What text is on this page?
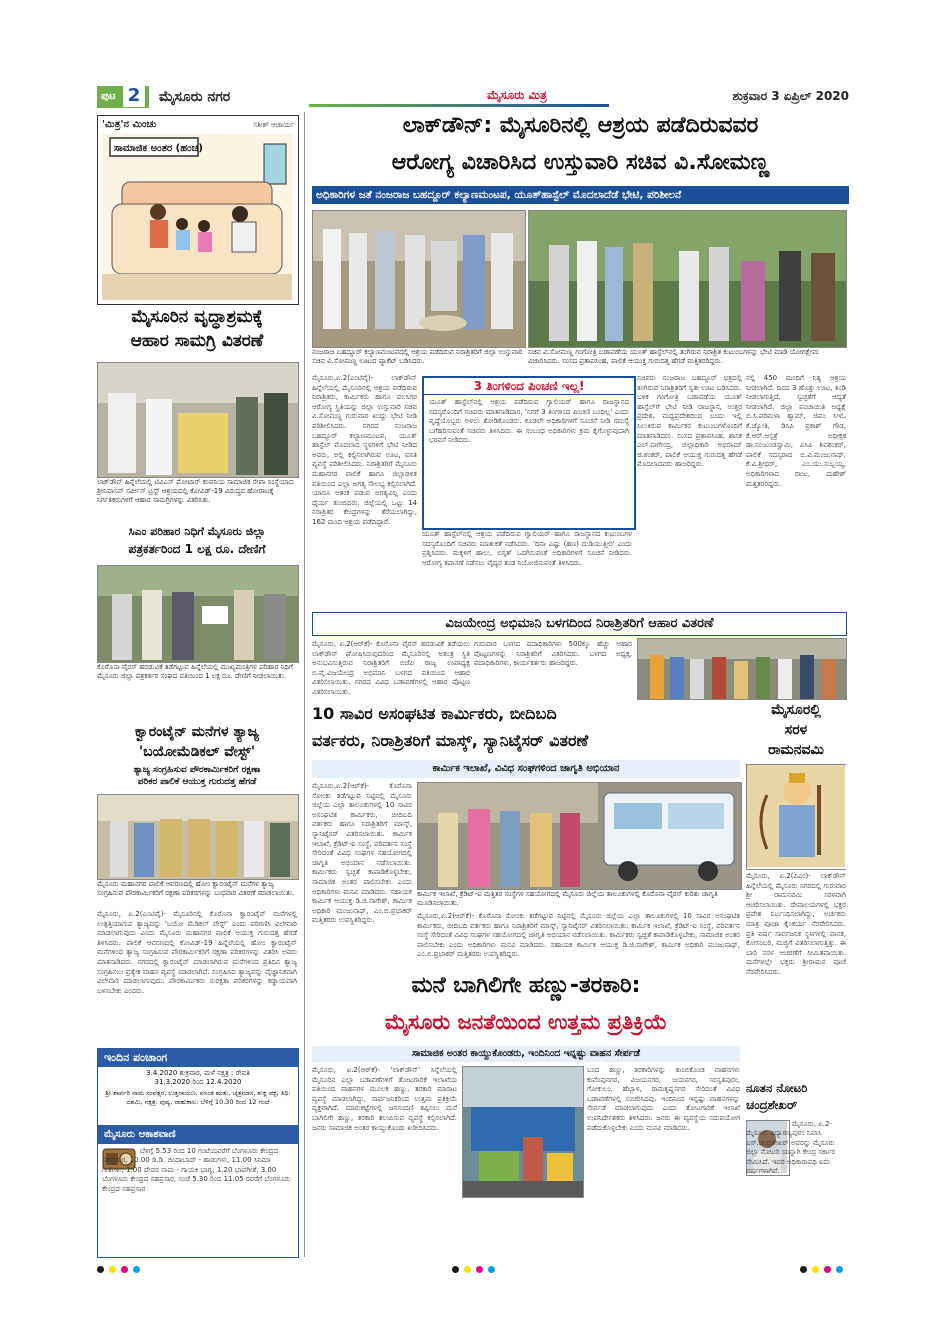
ಪುಟ 2	ಮೈಸೂರು ನಗರ	ಮೈಸೂರು ಮಿತ್ರ	ಶುಕ್ರವಾರ 3 ಏಪ್ರಿಲ್ 2020
'ಮಿತ್ರ'ನ ಮಿಂಚು	ಸತೀಶ್ ಆಚಾರ್ಯ
ಸಾಮಾಜಿಕ ಅಂತರ (ಹಂಚಿ)
ಮೈಸೂರಿನ ವೃದ್ಧಾಶ್ರಮಕ್ಕೆ
ಆಹಾರ ಸಾಮಗ್ರಿ ವಿತರಣೆ
ಲಾಕ್‌ಡೌನ್ ಹಿನ್ನೆಲೆಯಲ್ಲಿ ಟಿವಿಎಸ್ ಮೋಟಾರ್ ಕಂಪನಿಯ ಸಾಮಾಜಿಕ ಸೇವಾ ಸಂಸ್ಥೆಯಾದ ಶ್ರೀನಿವಾಸನ್ ಸರ್ವೀಸ್ ಟ್ರಸ್ಟ್ ಆಶ್ರಯದಲ್ಲಿ ಕೋವಿಡ್-19 ವಿರುದ್ಧದ ಹೋರಾಟಕ್ಕೆ ನಿರ್ಗತಿಕರುಗಳಿಗೆ ಆಹಾರ ಸಾಮಗ್ರಿಗಳನ್ನು ವಿತರಿಸಿತು.
ಸಿಎಂ ಪರಿಹಾರ ನಿಧಿಗೆ ಮೈಸೂರು ಜಿಲ್ಲಾ
ಪತ್ರಕರ್ತರಿಂದ 1 ಲಕ್ಷ ರೂ. ದೇಣಿಗೆ
ಕೊರೊನಾ ವೈರಸ್ ಹರಡುವಿಕೆ ತಡೆಗಟ್ಟುವ ಹಿನ್ನೆಲೆಯಲ್ಲಿ ಮುಖ್ಯಮಂತ್ರಿಗಳ ಪರಿಹಾರ ನಿಧಿಗೆ ಮೈಸೂರು ಜಿಲ್ಲಾ ಪತ್ರಕರ್ತರ ಸಂಘದ ವತಿಯಿಂದ 1 ಲಕ್ಷ ರೂ. ದೇಣಿಗೆ ನೀಡಲಾಯಿತು.
ಕ್ವಾರಂಟೈನ್ ಮನೆಗಳ ತ್ಯಾಜ್ಯ
'ಬಯೋಮೆಡಿಕಲ್ ವೇಸ್ಟ್'
ತ್ಯಾಜ್ಯ ಸಂಗ್ರಹಿಸುವ ಪೌರಕಾರ್ಮಿಕರಿಗೆ ರಕ್ಷಣಾ
ಪರಿಕರ ಪಾಲಿಕೆ ಆಯುಕ್ತ ಗುರುದತ್ತ ಹೆಗಡೆ
ಮೈಸೂರು ಮಹಾನಗರ ಪಾಲಿಕೆ ಆವರಣದಲ್ಲಿ ಹೋಂ ಕ್ವಾರಂಟೈನ್ ಮನೆಗಳ ತ್ಯಾಜ್ಯ ಸಂಗ್ರಹಿಸುವ ಪೌರಕಾರ್ಮಿಕರಿಗೆ ರಕ್ಷಣಾ ಪರಿಕರಗಳನ್ನು ಬುಧವಾರ ವಿತರಣೆ ಮಾಡಲಾಯಿತು.
ಮೈಸೂರು, ಏ.2(ಎಂಟಿವೈ)- ಮೈಸೂರಿನಲ್ಲಿ ಕೊರೊನಾ ಕ್ವಾರಂಟೈನ್ ಮನೆಗಳಲ್ಲಿ ಉತ್ಪತ್ತಿಯಾಗುವ ತ್ಯಾಜ್ಯವನ್ನು 'ಬಯೋ ಮೆಡಿಕಲ್ ವೇಸ್ಟ್' ಎಂದು ಪರಿಗಣಿಸಿ ವಿಲೇವಾರಿ ಮಾಡಲಾಗುವುದು ಎಂದು ಮೈಸೂರು ಮಹಾನಗರ ಪಾಲಿಕೆ ಆಯುಕ್ತ ಗುರುದತ್ತ ಹೆಗಡೆ ತಿಳಿಸಿದರು. ಪಾಲಿಕೆ ಆವರಣದಲ್ಲಿ ಕೋವಿಡ್-19 ಹಿನ್ನೆಲೆಯಲ್ಲಿ ಹೋಂ ಕ್ವಾರಂಟೈನ್ ಮನೆಗಳಿಂದ ತ್ಯಾಜ್ಯ ಸಂಗ್ರಹಿಸುವ ಪೌರಕಾರ್ಮಿಕರಿಗೆ ರಕ್ಷಣಾ ಪರಿಕರಗಳನ್ನು ವಿತರಿಸಿ ಅವರು ಮಾತನಾಡಿದರು. ನಗರದಲ್ಲಿ ಕ್ವಾರಂಟೈನ್ ಮಾಡಲಾಗಿರುವ ಮನೆಗಳಿಂದ ಪ್ರತಿದಿನ ತ್ಯಾಜ್ಯ ಸಂಗ್ರಹಿಸಲು ಪ್ರತ್ಯೇಕ ವಾಹನ ವ್ಯವಸ್ಥೆ ಮಾಡಲಾಗಿದೆ. ಸಂಗ್ರಹಿಸಿದ ತ್ಯಾಜ್ಯವನ್ನು ವೈಜ್ಞಾನಿಕವಾಗಿ ವಿಲೇವಾರಿ ಮಾಡಲಾಗುವುದು. ಪೌರಕಾರ್ಮಿಕರು ಸುರಕ್ಷತಾ ಪರಿಕರಗಳನ್ನು ಕಡ್ಡಾಯವಾಗಿ ಬಳಸಬೇಕು ಎಂದರು.
ಇಂದಿನ ಪಂಚಾಂಗ
3.4.2020 ಶುಕ್ರವಾರ, ಮಳೆ ನಕ್ಷತ್ರ : ರೇವತಿ
31.3.2020 ರಿಂದ 12.4.2020
ಶ್ರೀ ಶಾರ್ವರಿ ನಾಮ ಸಂವತ್ಸರ, ಉತ್ತರಾಯಣ, ವಸಂತ ಋತು, ಚೈತ್ರಮಾಸ, ಶುಕ್ಲ ಪಕ್ಷ, ತಿಥಿ: ದಶಮಿ, ನಕ್ಷತ್ರ: ಪುಷ್ಯ, ರಾಹುಕಾಲ: ಬೆಳಿಗ್ಗೆ 10.30 ರಿಂದ 12 ಗಂಟೆ
ಮೈಸೂರು ಆಕಾಶವಾಣಿ
ಬೆಳಿಗ್ಗೆ 5.53 ರಿಂದ 10 ಗಂಟೆಯವರೆಗೆ ಬೆಂಗಳೂರು ಕೇಂದ್ರದ ಸಹಪ್ರಸಾರ, 10.00 ಡಿ.ಡಿ. ಜಿಂದಾಬಾದ್ - ಹಾಡುಗಳು, 11.00 ಸಿನಿಮಾ ಗೀತೆಗಳು, 1.00 ದೇವರ ನಾಮ - ಗಾಯಕಿ ಭಾಗ್ಯ, 1.20 ಭಾವಗೀತೆ, 3.00 ಬೆಂಗಳೂರು ಕೇಂದ್ರದ ಸಹಪ್ರಸಾರ, ಸಂಜೆ 5.30 ರಿಂದ 11.05 ರವರೆಗೆ ಬೆಂಗಳೂರು ಕೇಂದ್ರದ ಸಹಪ್ರಸಾರ
ಲಾಕ್‌ಡೌನ್: ಮೈಸೂರಿನಲ್ಲಿ ಆಶ್ರಯ ಪಡೆದಿರುವವರ
ಆರೋಗ್ಯ ವಿಚಾರಿಸಿದ ಉಸ್ತುವಾರಿ ಸಚಿವ ವಿ.ಸೋಮಣ್ಣ
ಅಧಿಕಾರಿಗಳ ಜತೆ ನಂಜರಾಜ ಬಹದ್ದೂರ್ ಕಲ್ಯಾಣಮಂಟಪ, ಯೂತ್‌ಹಾಸ್ಟೆಲ್ ಮೊದಲಾದೆಡೆ ಭೇಟಿ, ಪರಿಶೀಲನೆ
ನಂಜರಾಜ ಬಹದ್ದೂರ್ ಕಲ್ಯಾಣಮಂಟಪದಲ್ಲಿ ಆಶ್ರಯ ಪಡೆದಿರುವ ನಿರಾಶ್ರಿತರಿಗೆ ಜಿಲ್ಲಾ ಉಸ್ತುವಾರಿ ಸಚಿವ ವಿ.ಸೋಮಣ್ಣ ಊಟದ ಪ್ಯಾಕೆಟ್ ಬಡಿಸಿದರು.
ಸಚಿವ ವಿ.ಸೋಮಣ್ಣ ಗಂಗೋತ್ರಿ ಬಡಾವಣೆಯ ಯೂತ್ ಹಾಸ್ಟೆಲ್‌ನಲ್ಲಿ ತಂಗಿರುವ ನಿರಾಶ್ರಿತ ಕುಟುಂಬಗಳನ್ನು ಭೇಟಿ ಮಾಡಿ ಯೋಗಕ್ಷೇಮ ವಿಚಾರಿಸಿದರು. ಸಂಸದ ಪ್ರತಾಪಸಿಂಹ, ಪಾಲಿಕೆ ಆಯುಕ್ತ ಗುರುದತ್ತ ಹೆಗಡೆ ಮತ್ತಿತರರಿದ್ದರು.
ಮೈಸೂರು,ಏ.2(ಎಂಟಿವೈ)- ಲಾಕ್‌ಡೌನ್ ಹಿನ್ನೆಲೆಯಲ್ಲಿ ಮೈಸೂರಿನಲ್ಲಿ ಆಶ್ರಯ ಪಡೆದಿರುವ ನಿರಾಶ್ರಿತರು, ಕಾರ್ಮಿಕರು ಹಾಗೂ ವಲಸಿಗರ ಆರೋಗ್ಯ ಸ್ಥಿತಿಯನ್ನು ಜಿಲ್ಲಾ ಉಸ್ತುವಾರಿ ಸಚಿವ ವಿ.ಸೋಮಣ್ಣ ಗುರುವಾರ ಖುದ್ದು ಭೇಟಿ ನೀಡಿ ಪರಿಶೀಲಿಸಿದರು. ನಗರದ ನಂಜರಾಜ ಬಹದ್ದೂರ್ ಕಲ್ಯಾಣಮಂಟಪ, ಯೂತ್ ಹಾಸ್ಟೆಲ್ ಮೊದಲಾದ ಸ್ಥಳಗಳಿಗೆ ಭೇಟಿ ನೀಡಿದ ಅವರು, ಅಲ್ಲಿ ಕಲ್ಪಿಸಲಾಗಿರುವ ಊಟ, ವಸತಿ ವ್ಯವಸ್ಥೆ ಪರಿಶೀಲಿಸಿದರು. ನಿರಾಶ್ರಿತರಿಗೆ ಮೈಸೂರು ಮಹಾನಗರ ಪಾಲಿಕೆ ಹಾಗೂ ಜಿಲ್ಲಾಡಳಿತ ವತಿಯಿಂದ ಎಲ್ಲಾ ಅಗತ್ಯ ಸೌಲಭ್ಯ ಕಲ್ಪಿಸಲಾಗಿದೆ. ಯಾರೂ ಆತಂಕ ಪಡುವ ಅಗತ್ಯವಿಲ್ಲ ಎಂದು ಧೈರ್ಯ ತುಂಬಿದರು. ಜಿಲ್ಲೆಯಲ್ಲಿ ಒಟ್ಟು 14 ನಿರಾಶ್ರಿತರ ಕೇಂದ್ರಗಳನ್ನು ತೆರೆಯಲಾಗಿದ್ದು, 162 ಮಂದಿ ಆಶ್ರಯ ಪಡೆದಿದ್ದಾರೆ.
3 ತಿಂಗಳಿಂದ ಪಿಂಚಣಿ ಇಲ್ಲ!
ಯೂತ್ ಹಾಸ್ಟೆಲ್‌ನಲ್ಲಿ ಆಶ್ರಯ ಪಡೆದಿರುವ ಗ್ವಾಲಿಯರ್ ಹಾಗೂ ರಾಜಸ್ಥಾನದ ಸದಸ್ಯರೊಂದಿಗೆ ಸಚಿವರು ಮಾತನಾಡಿದಾಗ, 'ನನಗೆ 3 ತಿಂಗಳಿಂದ ಪಿಂಚಣಿ ಬಂದಿಲ್ಲ' ಎಂದು ವೃದ್ಧೆಯೊಬ್ಬರು ಅಳಲು ತೋಡಿಕೊಂಡರು. ಕೂಡಲೇ ಅಧಿಕಾರಿಗಳಿಗೆ ಸೂಚನೆ ನೀಡಿ ಸಮಸ್ಯೆ ಬಗೆಹರಿಸುವಂತೆ ಸಚಿವರು ತಿಳಿಸಿದರು. ಈ ಸಂಬಂಧ ಅಧಿಕಾರಿಗಳು ಕ್ರಮ ಕೈಗೊಳ್ಳುವುದಾಗಿ ಭರವಸೆ ನೀಡಿದರು.
ಯೂತ್ ಹಾಸ್ಟೆಲ್‌ನಲ್ಲಿ ಆಶ್ರಯ ಪಡೆದಿರುವ ಗ್ವಾಲಿಯರ್ ಹಾಗೂ ರಾಜಸ್ಥಾನದ ಕುಟುಂಬಗಳ ಸದಸ್ಯರೊಂದಿಗೆ ಸಚಿವರು ಮಾತುಕತೆ ನಡೆಸಿದರು. 'ದಿನಾ ಎಷ್ಟು (ಹಣ) ದುಡಿಯುತ್ತೀರಿ' ಎಂದು ಪ್ರಶ್ನಿಸಿದರು. ಮಕ್ಕಳಿಗೆ ಹಾಲು, ಬಿಸ್ಕತ್ ಒದಗಿಸುವಂತೆ ಅಧಿಕಾರಿಗಳಿಗೆ ಸೂಚನೆ ನೀಡಿದರು. ಆರೋಗ್ಯ ತಪಾಸಣೆ ನಡೆಸಲು ವೈದ್ಯರ ತಂಡ ನಿಯೋಜಿಸುವಂತೆ ತಿಳಿಸಿದರು.
ಸಚಿವರು ನಂಜರಾಜ ಬಹದ್ದೂರ್ ಛತ್ರದಲ್ಲಿ ತಂಗಿರುವ ನಿರಾಶ್ರಿತರಿಗೆ ಸ್ವತಃ ಊಟ ಬಡಿಸಿದರು. ಬಳಿಕ ಗಂಗೋತ್ರಿ ಬಡಾವಣೆಯ ಯೂತ್ ಹಾಸ್ಟೆಲ್‌ಗೆ ಭೇಟಿ ನೀಡಿ ರಾಜಸ್ಥಾನ, ಉತ್ತರ ಪ್ರದೇಶ, ಮಧ್ಯಪ್ರದೇಶದಿಂದ ಬಂದು ಇಲ್ಲಿ ಸಿಲುಕಿರುವ ಕಾರ್ಮಿಕರ ಕುಟುಂಬಗಳೊಂದಿಗೆ ಮಾತನಾಡಿದರು. ಸಂಸದ ಪ್ರತಾಪಸಿಂಹ, ಶಾಸಕ ಎಲ್.ನಾಗೇಂದ್ರ, ಜಿಲ್ಲಾಧಿಕಾರಿ ಅಭಿರಾಮ್ ಜಿ.ಶಂಕರ್, ಪಾಲಿಕೆ ಆಯುಕ್ತ ಗುರುದತ್ತ ಹೆಗಡೆ ಮೊದಲಾದವರು ಹಾಜರಿದ್ದರು.
ನಲ್ಲಿ 450 ಮಂದಿಗೆ ನಿತ್ಯ ಆಶ್ರಯ ನೀಡಲಾಗಿದೆ. ದಿನದ 3 ಹೊತ್ತು ಊಟ, ತಿಂಡಿ ನೀಡಲಾಗುತ್ತಿದೆ. ಸ್ವಚ್ಛತೆಗೆ ಆದ್ಯತೆ ನೀಡಲಾಗಿದೆ. ಜಿಲ್ಲಾ ಪಂಚಾಯಿತಿ ಅಧ್ಯಕ್ಷೆ ಬಿ.ಸಿ.ಪರಿಮಳಾ ಶ್ಯಾಮ್, ಜಿಪಂ ಸಿಇಓ ಕೆ.ಜ್ಯೋತಿ, ಡಿಸಿಪಿ ಪ್ರಕಾಶ್ ಗೌಡ, ಕೆ.ಆರ್.ಆಸ್ಪತ್ರೆ ಅಧೀಕ್ಷಕ ಡಾ.ನಂಜುಂಡಸ್ವಾಮಿ, ಎಸಿಪಿ ಶಿವಶಂಕರ್, ಪಾಲಿಕೆ ಸದಸ್ಯರಾದ ಬಿ.ವಿ.ಮಂಜುನಾಥ್, ಕೆ.ವಿ.ಶ್ರೀಧರ್, ಎಂ.ಯು.ಸುಬ್ಬಯ್ಯ, ಅಧಿಕಾರಿಗಳಾದ ರಾಜು, ಮಹೇಶ್ ಮತ್ತಿತರರಿದ್ದರು.
ವಿಜಯೇಂದ್ರ ಅಭಿಮಾನಿ ಬಳಗದಿಂದ ನಿರಾಶ್ರಿತರಿಗೆ ಆಹಾರ ವಿತರಣೆ
ಮೈಸೂರು, ಏ.2(ಆರ್‌ಕೆ)- ಕೊರೊನಾ ವೈರಸ್ ಹರಡುವಿಕೆ ತಡೆಯಲು ಲಾಕ್‌ಡೌನ್ ಘೋಷಿಸಿರುವುದರಿಂದ ಮೈಸೂರಿನಲ್ಲಿ ಅತಂತ್ರ ಸ್ಥಿತಿ ಅನುಭವಿಸುತ್ತಿರುವ ನಿರಾಶ್ರಿತರಿಗೆ ಬಿಜೆಪಿ ರಾಜ್ಯ ಉಪಾಧ್ಯಕ್ಷ ಬಿ.ವೈ.ವಿಜಯೇಂದ್ರ ಅಭಿಮಾನಿ ಬಳಗದ ವತಿಯಿಂದ ಆಹಾರ ವಿತರಿಸಲಾಯಿತು. ನಗರದ ವಿವಿಧ ಬಡಾವಣೆಗಳಲ್ಲಿ ಆಹಾರ ಪೊಟ್ಟಣ ವಿತರಿಸಲಾಯಿತು.
ಗುರುವಾರ ಬಳಗದ ಪದಾಧಿಕಾರಿಗಳು 500ಕ್ಕೂ ಹೆಚ್ಚು ಆಹಾರ ಪೊಟ್ಟಣಗಳನ್ನು ನಿರಾಶ್ರಿತರಿಗೆ ವಿತರಿಸಿದರು. ಬಳಗದ ಅಧ್ಯಕ್ಷ, ಪದಾಧಿಕಾರಿಗಳು, ಕಾರ್ಯಕರ್ತರು ಹಾಜರಿದ್ದರು.
10 ಸಾವಿರ ಅಸಂಘಟಿತ ಕಾರ್ಮಿಕರು, ಬೀದಿಬದಿ
ವರ್ತಕರು, ನಿರಾಶ್ರಿತರಿಗೆ ಮಾಸ್ಕ್, ಸ್ಯಾನಿಟೈಸರ್ ವಿತರಣೆ
ಕಾರ್ಮಿಕ ಇಲಾಖೆ, ವಿವಿಧ ಸಂಘಗಳಿಂದ ಜಾಗೃತಿ ಅಭಿಯಾನ
ಮೈಸೂರು,ಏ.2(ಆರ್‌ಕೆ)- ಕೊರೊನಾ ಸೋಂಕು ತಡೆಗಟ್ಟುವ ನಿಟ್ಟಿನಲ್ಲಿ ಮೈಸೂರು ಜಿಲ್ಲೆಯ ಎಲ್ಲಾ ತಾಲೂಕುಗಳಲ್ಲಿ 10 ಸಾವಿರ ಅಸಂಘಟಿತ ಕಾರ್ಮಿಕರು, ಬೀದಿಬದಿ ವರ್ತಕರು ಹಾಗೂ ನಿರಾಶ್ರಿತರಿಗೆ ಮಾಸ್ಕ್, ಸ್ಯಾನಿಟೈಸರ್ ವಿತರಿಸಲಾಯಿತು. ಕಾರ್ಮಿಕ ಇಲಾಖೆ, ಕ್ರೆಡಿಟ್-ಐ ಸಂಸ್ಥೆ, ಪರಿವರ್ತನ ಸಂಸ್ಥೆ ಸೇರಿದಂತೆ ವಿವಿಧ ಸಂಘಗಳ ಸಹಯೋಗದಲ್ಲಿ ಜಾಗೃತಿ ಅಭಿಯಾನ ನಡೆಸಲಾಯಿತು. ಕಾರ್ಮಿಕರು ಸ್ವಚ್ಛತೆ ಕಾಪಾಡಿಕೊಳ್ಳಬೇಕು, ಸಾಮಾಜಿಕ ಅಂತರ ಪಾಲಿಸಬೇಕು ಎಂದು ಅಧಿಕಾರಿಗಳು ಮನವಿ ಮಾಡಿದರು. ಸಹಾಯಕ ಕಾರ್ಮಿಕ ಆಯುಕ್ತ ಡಿ.ಜಿ.ನಾಗೇಶ್, ಕಾರ್ಮಿಕ ಅಧಿಕಾರಿ ಮಂಜುನಾಥ್, ಎಂ.ಬಿ.ಪ್ರಭಾಕರ್ ಮತ್ತಿತರರು ಉಪಸ್ಥಿತರಿದ್ದರು.
ಕಾರ್ಮಿಕ ಇಲಾಖೆ, ಕ್ರೆಡಿಟ್-ಐ ಮತ್ತಿತರ ಸಂಸ್ಥೆಗಳ ಸಹಯೋಗದಲ್ಲಿ ಮೈಸೂರು ಜಿಲ್ಲೆಯ ತಾಲೂಕುಗಳಲ್ಲಿ ಕೊರೊನಾ ವೈರಸ್ ಕುರಿತು ಜಾಗೃತಿ ಮೂಡಿಸಲಾಯಿತು.
ಮೈಸೂರು,ಏ.2(ಆರ್‌ಕೆ)- ಕೊರೊನಾ ಸೋಂಕು ತಡೆಗಟ್ಟುವ ನಿಟ್ಟಿನಲ್ಲಿ ಮೈಸೂರು ಜಿಲ್ಲೆಯ ಎಲ್ಲಾ ತಾಲೂಕುಗಳಲ್ಲಿ 10 ಸಾವಿರ ಅಸಂಘಟಿತ ಕಾರ್ಮಿಕರು, ಬೀದಿಬದಿ ವರ್ತಕರು ಹಾಗೂ ನಿರಾಶ್ರಿತರಿಗೆ ಮಾಸ್ಕ್, ಸ್ಯಾನಿಟೈಸರ್ ವಿತರಿಸಲಾಯಿತು. ಕಾರ್ಮಿಕ ಇಲಾಖೆ, ಕ್ರೆಡಿಟ್-ಐ ಸಂಸ್ಥೆ, ಪರಿವರ್ತನ ಸಂಸ್ಥೆ ಸೇರಿದಂತೆ ವಿವಿಧ ಸಂಘಗಳ ಸಹಯೋಗದಲ್ಲಿ ಜಾಗೃತಿ ಅಭಿಯಾನ ನಡೆಸಲಾಯಿತು. ಕಾರ್ಮಿಕರು ಸ್ವಚ್ಛತೆ ಕಾಪಾಡಿಕೊಳ್ಳಬೇಕು, ಸಾಮಾಜಿಕ ಅಂತರ ಪಾಲಿಸಬೇಕು ಎಂದು ಅಧಿಕಾರಿಗಳು ಮನವಿ ಮಾಡಿದರು. ಸಹಾಯಕ ಕಾರ್ಮಿಕ ಆಯುಕ್ತ ಡಿ.ಜಿ.ನಾಗೇಶ್, ಕಾರ್ಮಿಕ ಅಧಿಕಾರಿ ಮಂಜುನಾಥ್, ಎಂ.ಬಿ.ಪ್ರಭಾಕರ್ ಮತ್ತಿತರರು ಉಪಸ್ಥಿತರಿದ್ದರು.
ಮೈಸೂರಲ್ಲಿ
ಸರಳ
ರಾಮನವಮಿ
ಮೈಸೂರು, ಏ.2(ಪಿಎಂ)- ಲಾಕ್‌ಡೌನ್ ಹಿನ್ನೆಲೆಯಲ್ಲಿ ಮೈಸೂರು ನಗರದಲ್ಲಿ ಗುರುವಾರ ಶ್ರೀ ರಾಮನವಮಿ ಸರಳವಾಗಿ ಆಚರಿಸಲಾಯಿತು. ದೇವಾಲಯಗಳಲ್ಲಿ ಭಕ್ತರ ಪ್ರವೇಶ ನಿರ್ಬಂಧಿಸಲಾಗಿದ್ದು, ಅರ್ಚಕರು ಮಾತ್ರ ಪೂಜಾ ಕೈಂಕರ್ಯ ನೆರವೇರಿಸಿದರು. ಪ್ರತಿ ವರ್ಷ ಸಾರ್ವಜನಿಕ ಸ್ಥಳಗಳಲ್ಲಿ ಪಾನಕ, ಕೋಸಂಬರಿ, ಮಜ್ಜಿಗೆ ವಿತರಿಸಲಾಗುತ್ತಿತ್ತು. ಈ ಬಾರಿ ಸರಳ ಆಚರಣೆಗೆ ಸೀಮಿತವಾಯಿತು. ಮನೆಗಳಲ್ಲೇ ಭಕ್ತರು ಶ್ರೀರಾಮನ ಪೂಜೆ ನೆರವೇರಿಸಿದರು.
ಮನೆ ಬಾಗಿಲಿಗೇ ಹಣ್ಣು-ತರಕಾರಿ:
ಮೈಸೂರು ಜನತೆಯಿಂದ ಉತ್ತಮ ಪ್ರತಿಕ್ರಿಯೆ
ಸಾಮಾಜಿಕ ಅಂತರ ಕಾಯ್ದುಕೊಂಡರು, ಇಂದಿನಿಂದ ಇನ್ನಷ್ಟು ವಾಹನ ಸೇರ್ಪಡೆ
ಮೈಸೂರು, ಏ.2(ಆರ್‌ಕೆ)- 'ಲಾಕ್‌ಡೌನ್' ಸಿನ್ನೆಲೆಯಲ್ಲಿ ಮೈಸೂರಿನ ಎಲ್ಲಾ ಬಡಾವಣೆಗಳಿಗೆ ತೋಟಗಾರಿಕೆ ಇಲಾಖೆಯ ವತಿಯಿಂದ ವಾಹನಗಳ ಮೂಲಕ ಹಣ್ಣು, ತರಕಾರಿ ಮಾರಾಟ ವ್ಯವಸ್ಥೆ ಮಾಡಲಾಗಿದ್ದು, ಸಾರ್ವಜನಿಕರಿಂದ ಉತ್ತಮ ಪ್ರತಿಕ್ರಿಯೆ ವ್ಯಕ್ತವಾಗಿದೆ. ಮಾರುಕಟ್ಟೆಗಳಲ್ಲಿ ಜನಸಂದಣಿ ತಪ್ಪಿಸಲು ಮನೆ ಬಾಗಿಲಿಗೇ ಹಣ್ಣು, ತರಕಾರಿ ತಲುಪಿಸುವ ವ್ಯವಸ್ಥೆ ಕಲ್ಪಿಸಲಾಗಿದೆ. ಜನರು ಸಾಮಾಜಿಕ ಅಂತರ ಕಾಯ್ದುಕೊಂಡು ಖರೀದಿಸಿದರು.
ಬಂದ ಹಣ್ಣು, ತರಕಾರಿಗಳನ್ನು ತುಂಬಿಕೊಂಡ ವಾಹನಗಳು ಕುವೆಂಪುನಗರ, ವಿಜಯನಗರ, ಜಯನಗರ, ಸರಸ್ವತಿಪುರಂ, ಗೋಕುಲಂ, ಹೆಬ್ಬಾಳ, ರಾಮಕೃಷ್ಣನಗರ ಸೇರಿದಂತೆ ವಿವಿಧ ಬಡಾವಣೆಗಳಲ್ಲಿ ಸಂಚರಿಸಿದವು. ಇಂದಿನಿಂದ ಇನ್ನಷ್ಟು ವಾಹನಗಳನ್ನು ಸೇರ್ಪಡೆ ಮಾಡಲಾಗುವುದು ಎಂದು ತೋಟಗಾರಿಕೆ ಇಲಾಖೆ ಉಪನಿರ್ದೇಶಕರು ತಿಳಿಸಿದರು. ಜನರು ಈ ವ್ಯವಸ್ಥೆಯ ಸದುಪಯೋಗ ಪಡೆದುಕೊಳ್ಳಬೇಕು ಎಂದು ಮನವಿ ಮಾಡಿದರು.
ನೂತನ ನೋಟರಿ
ಚಂದ್ರಶೇಖರ್
ಮೈಸೂರು, ಏ.2-ಮೈಸೂರು ವಿದ್ಯಾರಣ್ಯಪುರಂ ನಿವಾಸಿ ಎಸ್.ಚಂದ್ರಶೇಖರ್ ಅವರನ್ನು ಮೈಸೂರು ಜಿಲ್ಲಾ ನೋಟರಿ ಯನ್ನಾಗಿ ಕೇಂದ್ರ ಸರ್ಕಾರ ನೇಮಿಸಿದೆ. ಇವರ ಅಧಿಕಾರಾವಧಿ ಐದು ವರ್ಷಗಳಾಗಿವೆ.
